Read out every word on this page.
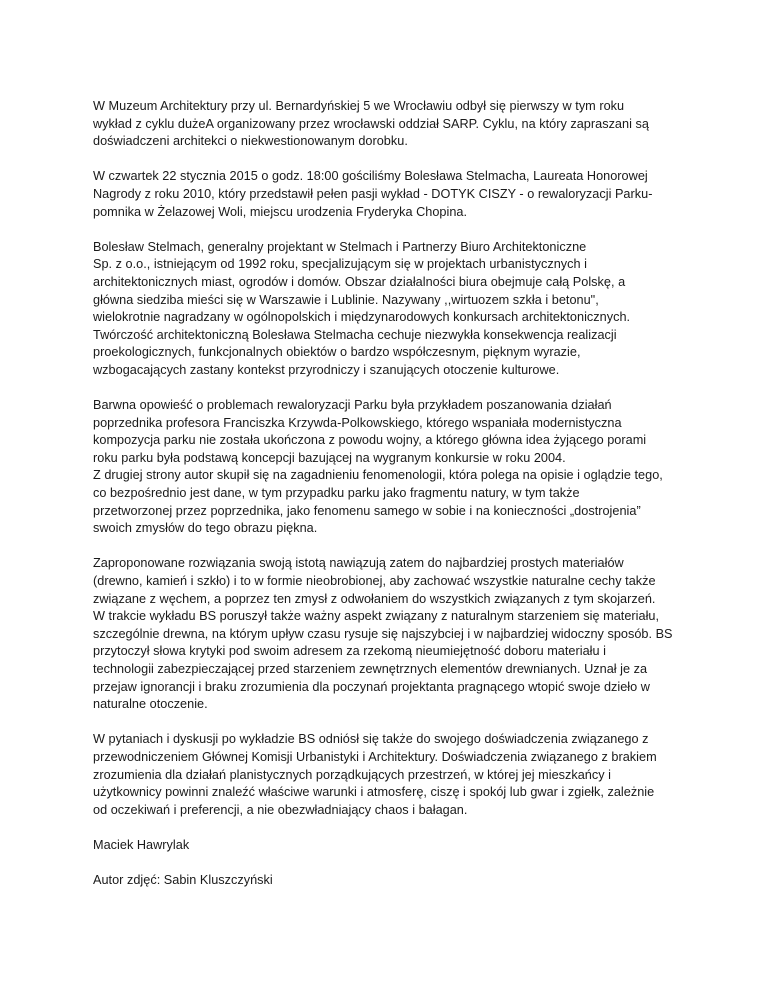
W Muzeum Architektury przy ul. Bernardyńskiej 5 we Wrocławiu odbył się pierwszy w tym roku
wykład z cyklu dużeA organizowany przez wrocławski oddział SARP. Cyklu, na który zapraszani są
doświadczeni architekci o niekwestionowanym dorobku.

W czwartek 22 stycznia 2015 o godz. 18:00 gościliśmy Bolesława Stelmacha, Laureata Honorowej
Nagrody z roku 2010, który przedstawił pełen pasji wykład - DOTYK CISZY - o rewaloryzacji Parku-
pomnika w Żelazowej Woli, miejscu urodzenia Fryderyka Chopina.

Bolesław Stelmach, generalny projektant w Stelmach i Partnerzy Biuro Architektoniczne
Sp. z o.o., istniejącym od 1992 roku, specjalizującym się w projektach urbanistycznych i
architektonicznych miast, ogrodów i domów. Obszar działalności biura obejmuje całą Polskę, a
główna siedziba mieści się w Warszawie i Lublinie. Nazywany ,,wirtuozem szkła i betonu",
wielokrotnie nagradzany w ogólnopolskich i międzynarodowych konkursach architektonicznych.
Twórczość architektoniczną Bolesława Stelmacha cechuje niezwykła konsekwencja realizacji
proekologicznych, funkcjonalnych obiektów o bardzo współczesnym, pięknym wyrazie,
wzbogacających zastany kontekst przyrodniczy i szanujących otoczenie kulturowe.

Barwna opowieść o problemach rewaloryzacji Parku była przykładem poszanowania działań
poprzednika profesora Franciszka Krzywda-Polkowskiego, którego wspaniała modernistyczna
kompozycja parku nie została ukończona z powodu wojny, a którego główna idea żyjącego porami
roku parku była podstawą koncepcji bazującej na wygranym konkursie w roku 2004.
Z drugiej strony autor skupił się na zagadnieniu fenomenologii, która polega na opisie i oglądzie tego,
co bezpośrednio jest dane, w tym przypadku parku jako fragmentu natury, w tym także
przetworzonej przez poprzednika, jako fenomenu samego w sobie i na konieczności „dostrojenia”
swoich zmysłów do tego obrazu piękna.

Zaproponowane rozwiązania swoją istotą nawiązują zatem do najbardziej prostych materiałów
(drewno, kamień i szkło) i to w formie nieobrobionej, aby zachować wszystkie naturalne cechy także
związane z węchem, a poprzez ten zmysł z odwołaniem do wszystkich związanych z tym skojarzeń.
W trakcie wykładu BS poruszył także ważny aspekt związany z naturalnym starzeniem się materiału,
szczególnie drewna, na którym upływ czasu rysuje się najszybciej i w najbardziej widoczny sposób. BS
przytoczył słowa krytyki pod swoim adresem za rzekomą nieumiejętność doboru materiału i
technologii zabezpieczającej przed starzeniem zewnętrznych elementów drewnianych. Uznał je za
przejaw ignorancji i braku zrozumienia dla poczynań projektanta pragnącego wtopić swoje dzieło w
naturalne otoczenie.

W pytaniach i dyskusji po wykładzie BS odniósł się także do swojego doświadczenia związanego z
przewodniczeniem Głównej Komisji Urbanistyki i Architektury. Doświadczenia związanego z brakiem
zrozumienia dla działań planistycznych porządkujących przestrzeń, w której jej mieszkańcy i
użytkownicy powinni znaleźć właściwe warunki i atmosferę, ciszę i spokój lub gwar i zgiełk, zależnie
od oczekiwań i preferencji, a nie obezwładniający chaos i bałagan.

Maciek Hawrylak

Autor zdjęć: Sabin Kluszczyński
